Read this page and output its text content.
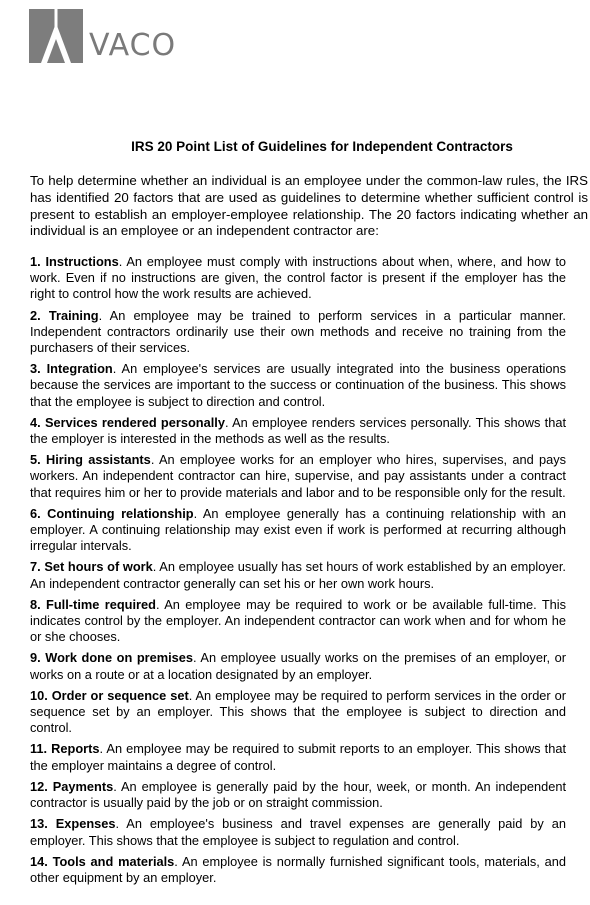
VACO
IRS 20 Point List of Guidelines for Independent Contractors

To help determine whether an individual is an employee under the common-law rules, the IRS has identified 20 factors that are used as guidelines to determine whether sufficient control is present to establish an employer-employee relationship. The 20 factors indicating whether an individual is an employee or an independent contractor are:

1. Instructions. An employee must comply with instructions about when, where, and how to work. Even if no instructions are given, the control factor is present if the employer has the right to control how the work results are achieved.

2. Training. An employee may be trained to perform services in a particular manner. Independent contractors ordinarily use their own methods and receive no training from the purchasers of their services.

3. Integration. An employee's services are usually integrated into the business operations because the services are important to the success or continuation of the business. This shows that the employee is subject to direction and control.

4. Services rendered personally. An employee renders services personally. This shows that the employer is interested in the methods as well as the results.

5. Hiring assistants. An employee works for an employer who hires, supervises, and pays workers. An independent contractor can hire, supervise, and pay assistants under a contract that requires him or her to provide materials and labor and to be responsible only for the result.

6. Continuing relationship. An employee generally has a continuing relationship with an employer. A continuing relationship may exist even if work is performed at recurring although irregular intervals.

7. Set hours of work. An employee usually has set hours of work established by an employer. An independent contractor generally can set his or her own work hours.

8. Full-time required. An employee may be required to work or be available full-time. This indicates control by the employer. An independent contractor can work when and for whom he or she chooses.

9. Work done on premises. An employee usually works on the premises of an employer, or works on a route or at a location designated by an employer.

10. Order or sequence set. An employee may be required to perform services in the order or sequence set by an employer. This shows that the employee is subject to direction and control.

11. Reports. An employee may be required to submit reports to an employer. This shows that the employer maintains a degree of control.

12. Payments. An employee is generally paid by the hour, week, or month. An independent contractor is usually paid by the job or on straight commission.

13. Expenses. An employee's business and travel expenses are generally paid by an employer. This shows that the employee is subject to regulation and control.

14. Tools and materials. An employee is normally furnished significant tools, materials, and other equipment by an employer.
